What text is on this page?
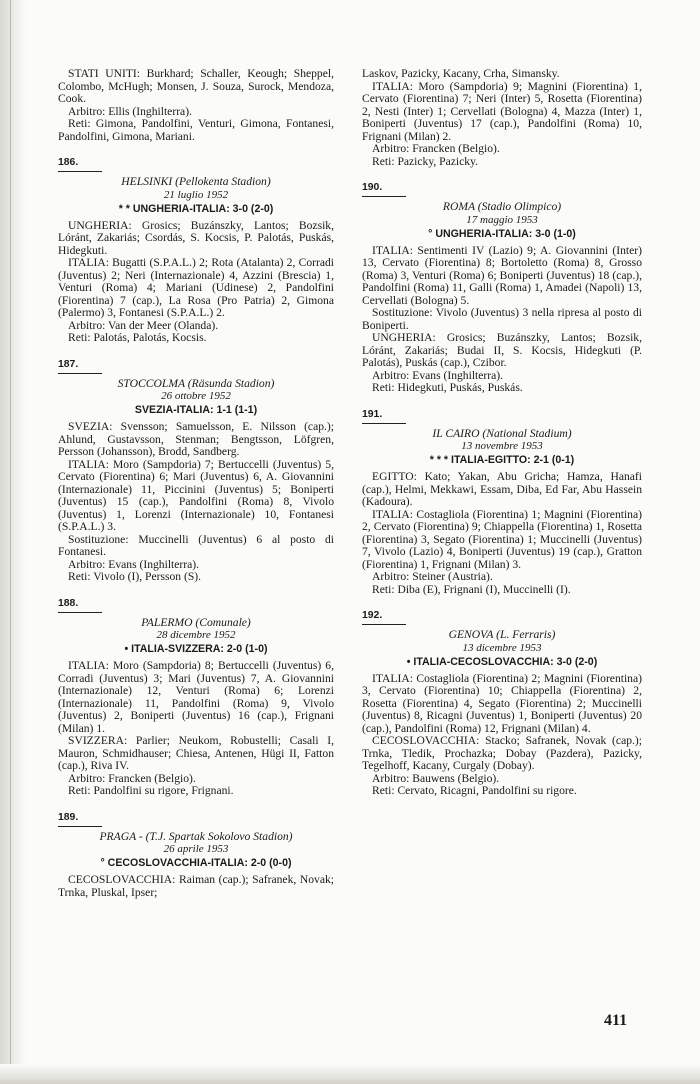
STATI UNITI: Burkhard; Schaller, Keough; Sheppel, Colombo, McHugh; Monsen, J. Souza, Surock, Mendoza, Cook.

Arbitro: Ellis (Inghilterra).

Reti: Gimona, Pandolfini, Venturi, Gimona, Fontanesi, Pandolfini, Gimona, Mariani.

186.

HELSINKI (Pellokenta Stadion)

21 luglio 1952

* * UNGHERIA-ITALIA: 3-0 (2-0)

UNGHERIA: Grosics; Buzánszky, Lantos; Bozsik, Lóránt, Zakariás; Csordás, S. Kocsis, P. Palotás, Puskás, Hidegkuti.

ITALIA: Bugatti (S.P.A.L.) 2; Rota (Atalanta) 2, Corradi (Juventus) 2; Neri (Internazionale) 4, Azzini (Brescia) 1, Venturi (Roma) 4; Mariani (Udinese) 2, Pandolfini (Fiorentina) 7 (cap.), La Rosa (Pro Patria) 2, Gimona (Palermo) 3, Fontanesi (S.P.A.L.) 2.

Arbitro: Van der Meer (Olanda).

Reti: Palotás, Palotás, Kocsis.

187.

STOCCOLMA (Räsunda Stadion)

26 ottobre 1952

SVEZIA-ITALIA: 1-1 (1-1)

SVEZIA: Svensson; Samuelsson, E. Nilsson (cap.); Ahlund, Gustavsson, Stenman; Bengtsson, Löfgren, Persson (Johansson), Brodd, Sandberg.

ITALIA: Moro (Sampdoria) 7; Bertuccelli (Juventus) 5, Cervato (Fiorentina) 6; Mari (Juventus) 6, A. Giovannini (Internazionale) 11, Piccinini (Juventus) 5; Boniperti (Juventus) 15 (cap.), Pandolfini (Roma) 8, Vivolo (Juventus) 1, Lorenzi (Internazionale) 10, Fontanesi (S.P.A.L.) 3.

Sostituzione: Muccinelli (Juventus) 6 al posto di Fontanesi.

Arbitro: Evans (Inghilterra).

Reti: Vivolo (I), Persson (S).

188.

PALERMO (Comunale)

28 dicembre 1952

• ITALIA-SVIZZERA: 2-0 (1-0)

ITALIA: Moro (Sampdoria) 8; Bertuccelli (Juventus) 6, Corradi (Juventus) 3; Mari (Juventus) 7, A. Giovannini (Internazionale) 12, Venturi (Roma) 6; Lorenzi (Internazionale) 11, Pandolfini (Roma) 9, Vivolo (Juventus) 2, Boniperti (Juventus) 16 (cap.), Frignani (Milan) 1.

SVIZZERA: Parlier; Neukom, Robustelli; Casali I, Mauron, Schmidhauser; Chiesa, Antenen, Hügi II, Fatton (cap.), Riva IV.

Arbitro: Francken (Belgio).

Reti: Pandolfini su rigore, Frignani.

189.

PRAGA - (T.J. Spartak Sokolovo Stadion)

26 aprile 1953

° CECOSLOVACCHIA-ITALIA: 2-0 (0-0)

CECOSLOVACCHIA: Raiman (cap.); Safranek, Novak; Trnka, Pluskal, Ipser;

Laskov, Pazicky, Kacany, Crha, Simansky.

ITALIA: Moro (Sampdoria) 9; Magnini (Fiorentina) 1, Cervato (Fiorentina) 7; Neri (Inter) 5, Rosetta (Fiorentina) 2, Nesti (Inter) 1; Cervellati (Bologna) 4, Mazza (Inter) 1, Boniperti (Juventus) 17 (cap.), Pandolfini (Roma) 10, Frignani (Milan) 2.

Arbitro: Francken (Belgio).

Reti: Pazicky, Pazicky.

190.

ROMA (Stadio Olimpico)

17 maggio 1953

° UNGHERIA-ITALIA: 3-0 (1-0)

ITALIA: Sentimenti IV (Lazio) 9; A. Giovannini (Inter) 13, Cervato (Fiorentina) 8; Bortoletto (Roma) 8, Grosso (Roma) 3, Venturi (Roma) 6; Boniperti (Juventus) 18 (cap.), Pandolfini (Roma) 11, Galli (Roma) 1, Amadei (Napoli) 13, Cervellati (Bologna) 5.

Sostituzione: Vivolo (Juventus) 3 nella ripresa al posto di Boniperti.

UNGHERIA: Grosics; Buzánszky, Lantos; Bozsik, Lóránt, Zakariás; Budai II, S. Kocsis, Hidegkuti (P. Palotás), Puskás (cap.), Czibor.

Arbitro: Evans (Inghilterra).

Reti: Hidegkuti, Puskás, Puskás.

191.

IL CAIRO (National Stadium)

13 novembre 1953

* * * ITALIA-EGITTO: 2-1 (0-1)

EGITTO: Kato; Yakan, Abu Gricha; Hamza, Hanafi (cap.), Helmi, Mekkawi, Essam, Diba, Ed Far, Abu Hassein (Kadoura).

ITALIA: Costagliola (Fiorentina) 1; Magnini (Fiorentina) 2, Cervato (Fiorentina) 9; Chiappella (Fiorentina) 1, Rosetta (Fiorentina) 3, Segato (Fiorentina) 1; Muccinelli (Juventus) 7, Vivolo (Lazio) 4, Boniperti (Juventus) 19 (cap.), Gratton (Fiorentina) 1, Frignani (Milan) 3.

Arbitro: Steiner (Austria).

Reti: Diba (E), Frignani (I), Muccinelli (I).

192.

GENOVA (L. Ferraris)

13 dicembre 1953

• ITALIA-CECOSLOVACCHIA: 3-0 (2-0)

ITALIA: Costagliola (Fiorentina) 2; Magnini (Fiorentina) 3, Cervato (Fiorentina) 10; Chiappella (Fiorentina) 2, Rosetta (Fiorentina) 4, Segato (Fiorentina) 2; Muccinelli (Juventus) 8, Ricagni (Juventus) 1, Boniperti (Juventus) 20 (cap.), Pandolfini (Roma) 12, Frignani (Milan) 4.

CECOSLOVACCHIA: Stacko; Safranek, Novak (cap.); Trnka, Tledik, Prochazka; Dobay (Pazdera), Pazicky, Tegelhoff, Kacany, Curgaly (Dobay).

Arbitro: Bauwens (Belgio).

Reti: Cervato, Ricagni, Pandolfini su rigore.

411
